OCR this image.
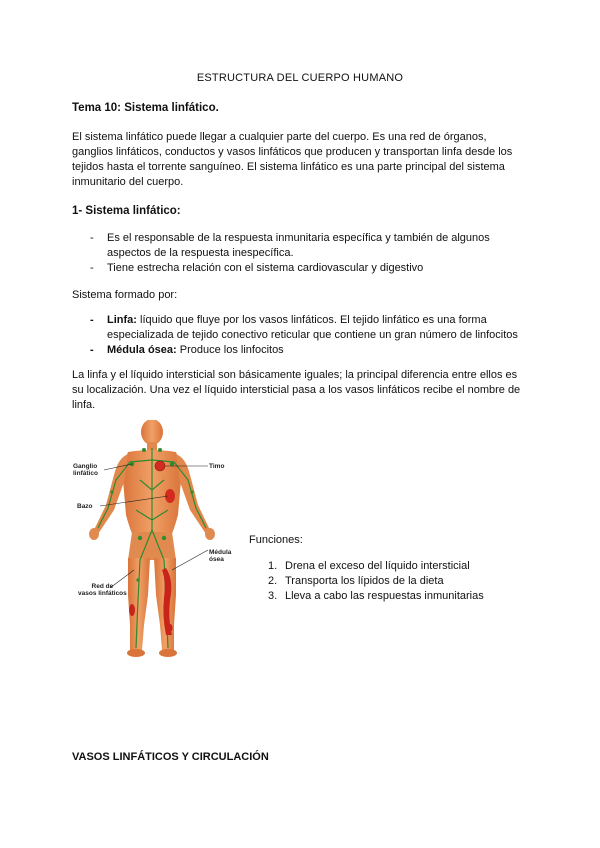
ESTRUCTURA DEL CUERPO HUMANO
Tema 10: Sistema linfático.
El sistema linfático puede llegar a cualquier parte del cuerpo. Es una red de órganos,
ganglios linfáticos, conductos y vasos linfáticos que producen y transportan linfa desde los
tejidos hasta el torrente sanguíneo. El sistema linfático es una parte principal del sistema
inmunitario del cuerpo.
1- Sistema linfático:
- Es el responsable de la respuesta inmunitaria específica y también de algunos
aspectos de la respuesta inespecífica.
- Tiene estrecha relación con el sistema cardiovascular y digestivo
Sistema formado por:
- Linfa: líquido que fluye por los vasos linfáticos. El tejido linfático es una forma
especializada de tejido conectivo reticular que contiene un gran número de linfocitos
- Médula ósea: Produce los linfocitos
La linfa y el líquido intersticial son básicamente iguales; la principal diferencia entre ellos es
su localización. Una vez el líquido intersticial pasa a los vasos linfáticos recibe el nombre de
linfa.
Ganglio
linfático
Timo
Bazo
Médula
ósea
Red de
vasos linfáticos
Funciones:
1. Drena el exceso del líquido intersticial
2. Transporta los lípidos de la dieta
3. Lleva a cabo las respuestas inmunitarias
VASOS LINFÁTICOS Y CIRCULACIÓN
